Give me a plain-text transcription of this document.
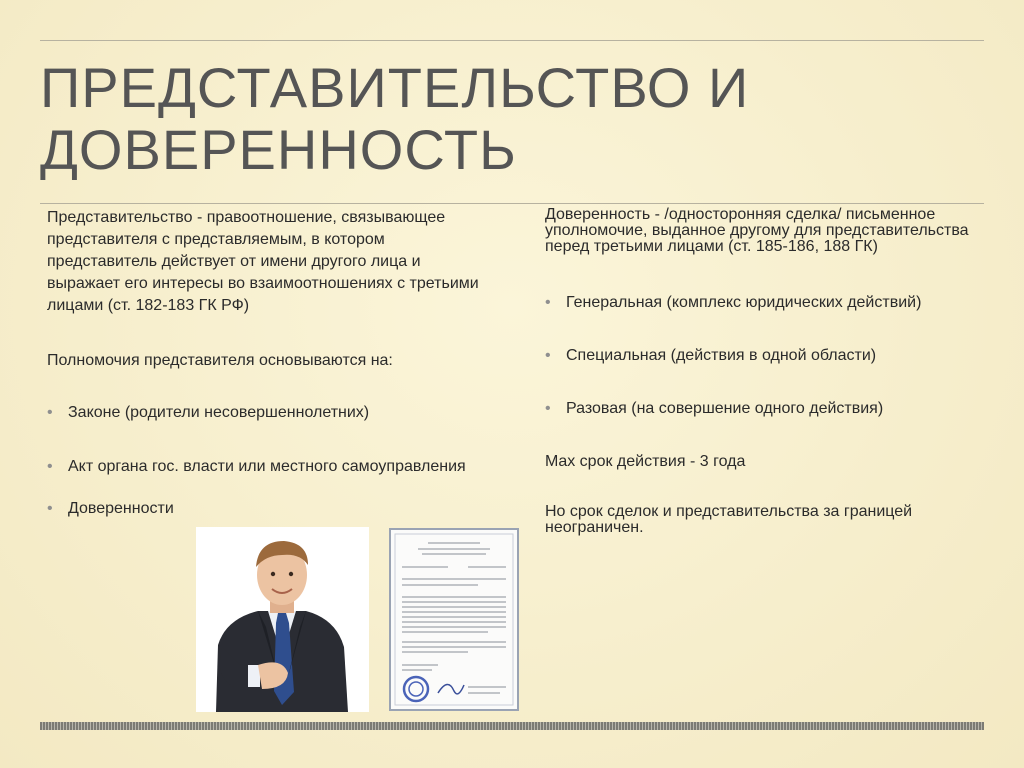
ПРЕДСТАВИТЕЛЬСТВО И ДОВЕРЕННОСТЬ

Представительство - правоотношение, связывающее представителя с представляемым, в котором представитель действует от имени другого лица и выражает его интересы во взаимоотношениях с третьими лицами (ст. 182-183 ГК РФ)

Полномочия представителя основываются на:

• Законе (родители несовершеннолетних)
• Акт органа гос. власти или местного самоуправления
• Доверенности

Доверенность - /односторонняя сделка/ письменное уполномочие, выданное другому для представительства перед третьими лицами (ст. 185-186, 188 ГК)

• Генеральная (комплекс юридических действий)
• Специальная (действия в одной области)
• Разовая (на совершение одного действия)

Max срок действия - 3 года

Но срок сделок и представительства за границей неограничен.
